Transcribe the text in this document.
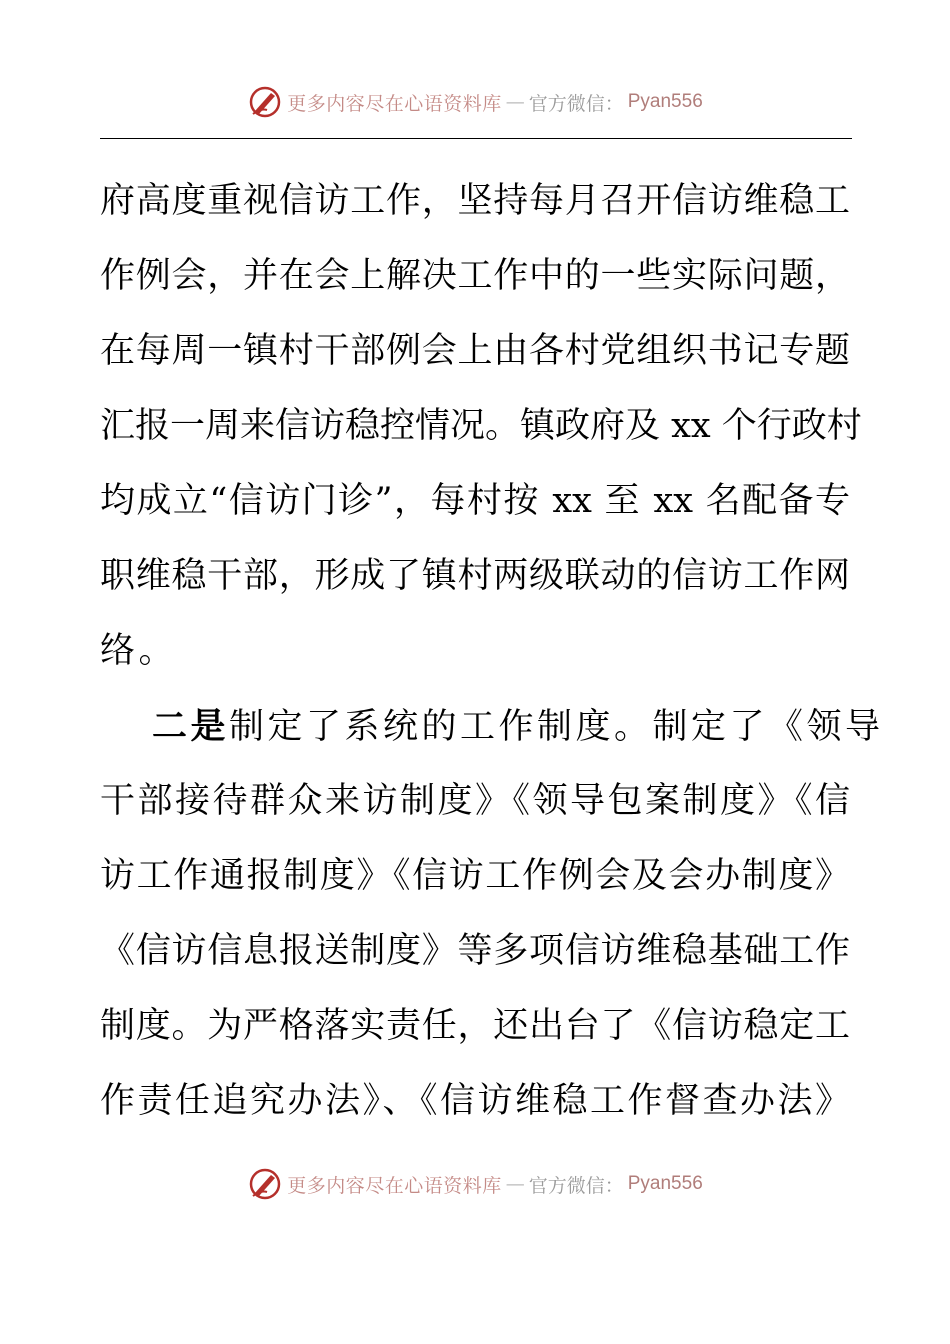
更多内容尽在心语资料库 — 官方微信： Pyan556
府高度重视信访工作，坚持每月召开信访维稳工
作例会，并在会上解决工作中的一些实际问题，
在每周一镇村干部例会上由各村党组织书记专题
汇报一周来信访稳控情况。镇政府及 xx 个行政村
均成立“信访门诊”，每村按 xx 至 xx 名配备专
职维稳干部，形成了镇村两级联动的信访工作网
络。
二是制定了系统的工作制度。制定了《领导
干部接待群众来访制度》《领导包案制度》《信
访工作通报制度》《信访工作例会及会办制度》
《信访信息报送制度》等多项信访维稳基础工作
制度。为严格落实责任，还出台了《信访稳定工
作责任追究办法》、《信访维稳工作督查办法》
更多内容尽在心语资料库 — 官方微信： Pyan556
